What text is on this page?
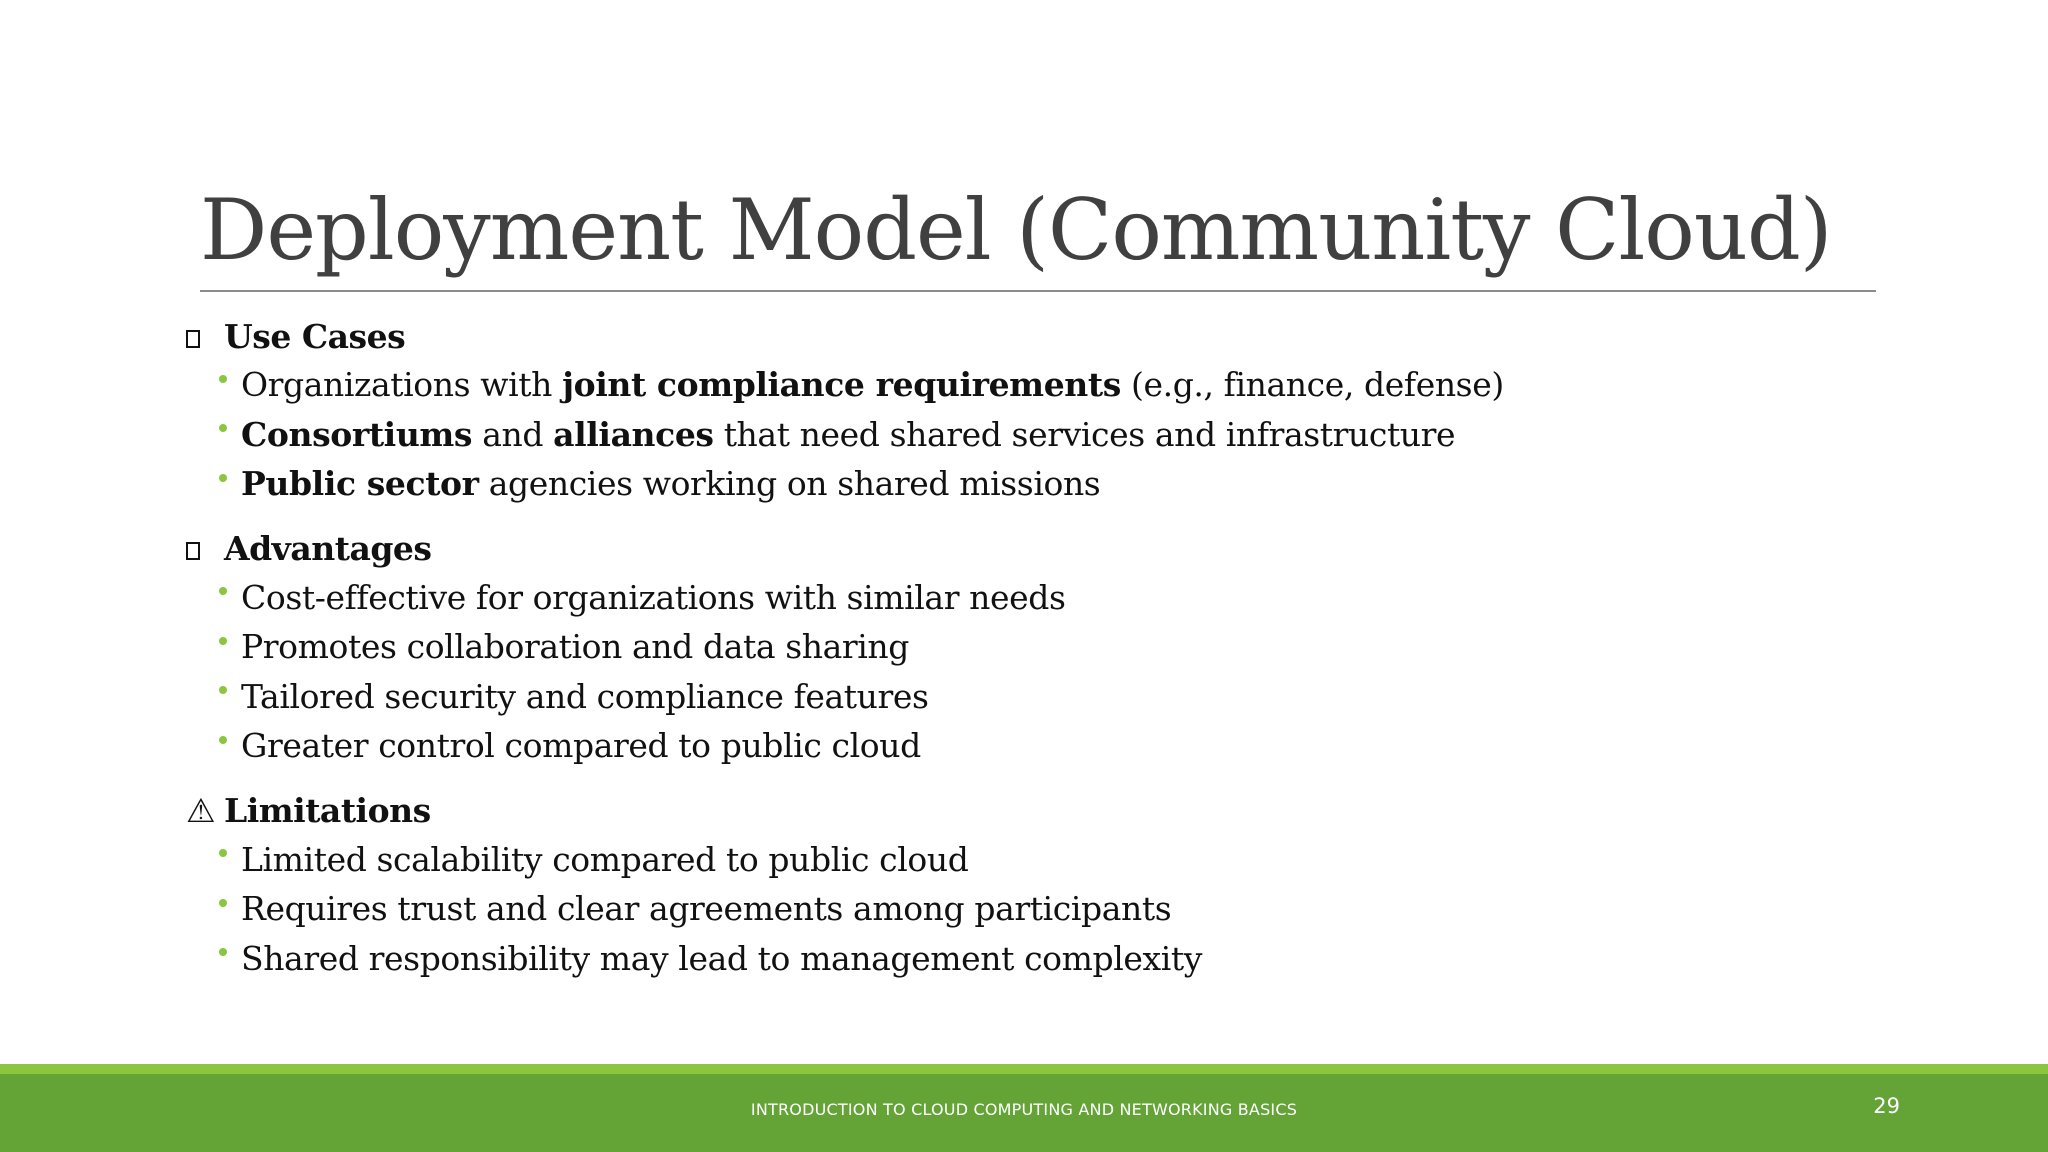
Deployment Model (Community Cloud)
Use Cases
Organizations with joint compliance requirements (e.g., finance, defense)
Consortiums and alliances that need shared services and infrastructure
Public sector agencies working on shared missions
Advantages
Cost-effective for organizations with similar needs
Promotes collaboration and data sharing
Tailored security and compliance features
Greater control compared to public cloud
⚠ Limitations
Limited scalability compared to public cloud
Requires trust and clear agreements among participants
Shared responsibility may lead to management complexity
INTRODUCTION TO CLOUD COMPUTING AND NETWORKING BASICS	29
